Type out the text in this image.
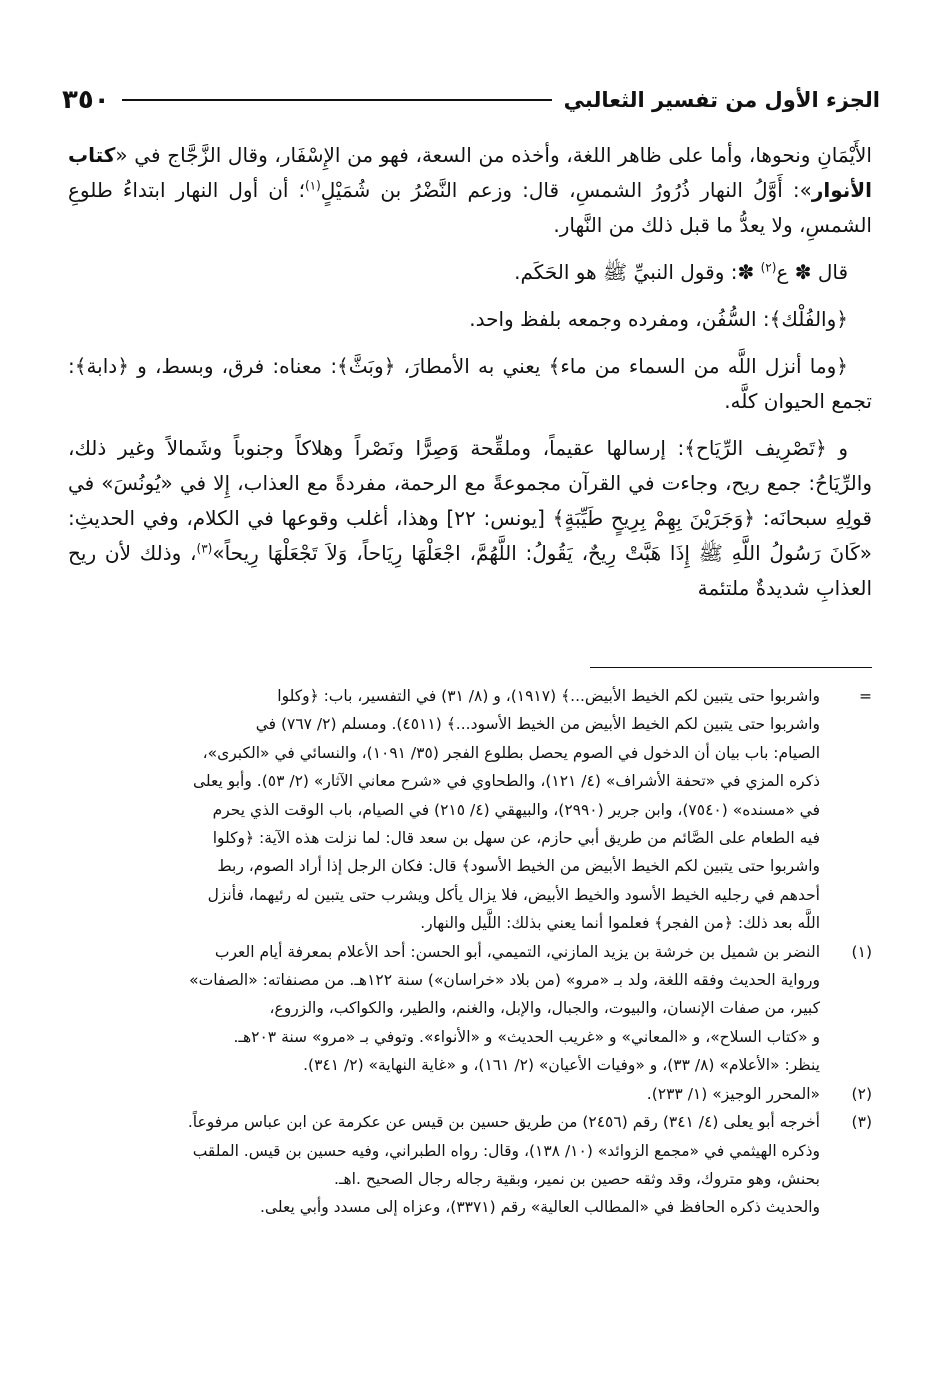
الجزء الأول من تفسير الثعالبي
٣٥٠

الأَيْمَانِ ونحوها، وأما على ظاهر اللغة، وأخذه من السعة، فهو من الإِسْفَار، وقال الزَّجَّاج في «كتاب الأنوار»: أَوَّلُ النهار ذُرُورُ الشمسِ، قال: وزعم النَّضْرُ بن شُمَيْلٍ$^{(١)}$؛ أن أول النهار ابتداءُ طلوعِ الشمسِ، ولا يعدُّ ما قبل ذلك من النَّهار.

قال ✽ ع$^{(٢)}$ ✽: وقول النبيِّ ﷺ هو الحَكَم.

﴿والفُلْك﴾: السُّفُن، ومفرده وجمعه بلفظ واحد.

﴿وما أنزل اللَّه من السماء من ماء﴾ يعني به الأمطارَ، ﴿وبَثَّ﴾: معناه: فرق، وبسط، و ﴿دابة﴾: تجمع الحيوان كلَّه.

و ﴿تَصْرِيف الرِّيَاح﴾: إرسالها عقيماً، وملقِّحة وَصِرًّا ونَصْراً وهلاكاً وجنوباً وشَمالاً وغير ذلك، والرِّيَاحُ: جمع ريح، وجاءت في القرآن مجموعةً مع الرحمة، مفردةً مع العذاب، إِلا في «يُونُسَ» في قولِهِ سبحانَه: ﴿وَجَرَيْنَ بِهِمْ بِرِيحٍ طَيِّبَةٍ﴾ [يونس: ٢٢] وهذا، أغلب وقوعها في الكلام، وفي الحديثِ: «كَانَ رَسُولُ اللَّهِ ﷺ إِذَا هَبَّتْ رِيحٌ، يَقُولُ: اللَّهُمَّ، اجْعَلْهَا رِيَاحاً، وَلاَ تَجْعَلْهَا رِيحاً»$^{(٣)}$، وذلك لأن ريح العذابِ شديدةٌ ملتئمة

=
واشربوا حتى يتبين لكم الخيط الأبيض...﴾ (١٩١٧)، و (٨/ ٣١) في التفسير، باب: ﴿وكلوا
واشربوا حتى يتبين لكم الخيط الأبيض من الخيط الأسود...﴾ (٤٥١١). ومسلم (٢/ ٧٦٧) في
الصيام: باب بيان أن الدخول في الصوم يحصل بطلوع الفجر (٣٥/ ١٠٩١)، والنسائي في «الكبرى»،
ذكره المزي في «تحفة الأشراف» (٤/ ١٢١)، والطحاوي في «شرح معاني الآثار» (٢/ ٥٣). وأبو يعلى
في «مسنده» (٧٥٤٠)، وابن جرير (٢٩٩٠)، والبيهقي (٤/ ٢١٥) في الصيام، باب الوقت الذي يحرم
فيه الطعام على الصَّائم من طريق أبي حازم، عن سهل بن سعد قال: لما نزلت هذه الآية: ﴿وكلوا
واشربوا حتى يتبين لكم الخيط الأبيض من الخيط الأسود﴾ قال: فكان الرجل إذا أراد الصوم، ربط
أحدهم في رجليه الخيط الأسود والخيط الأبيض، فلا يزال يأكل ويشرب حتى يتبين له رئيهما، فأنزل
اللَّه بعد ذلك: ﴿من الفجر﴾ فعلموا أنما يعني بذلك: اللَّيل والنهار.
(١)
النضر بن شميل بن خرشة بن يزيد المازني، التميمي، أبو الحسن: أحد الأعلام بمعرفة أيام العرب
ورواية الحديث وفقه اللغة، ولد بـ «مرو» (من بلاد «خراسان») سنة ١٢٢هـ. من مصنفاته: «الصفات»
كبير، من صفات الإنسان، والبيوت، والجبال، والإبل، والغنم، والطير، والكواكب، والزروع،
و «كتاب السلاح»، و «المعاني» و «غريب الحديث» و «الأنواء». وتوفي بـ «مرو» سنة ٢٠٣هـ.
ينظر: «الأعلام» (٨/ ٣٣)، و «وفيات الأعيان» (٢/ ١٦١)، و «غاية النهاية» (٢/ ٣٤١).
(٢)
«المحرر الوجيز» (١/ ٢٣٣).
(٣)
أخرجه أبو يعلى (٤/ ٣٤١) رقم (٢٤٥٦) من طريق حسين بن قيس عن عكرمة عن ابن عباس مرفوعاً.
وذكره الهيثمي في «مجمع الزوائد» (١٠/ ١٣٨)، وقال: رواه الطبراني، وفيه حسين بن قيس. الملقب
بحنش، وهو متروك، وقد وثقه حصين بن نمير، وبقية رجاله رجال الصحيح .اهـ.
والحديث ذكره الحافظ في «المطالب العالية» رقم (٣٣٧١)، وعزاه إلى مسدد وأبي يعلى.
